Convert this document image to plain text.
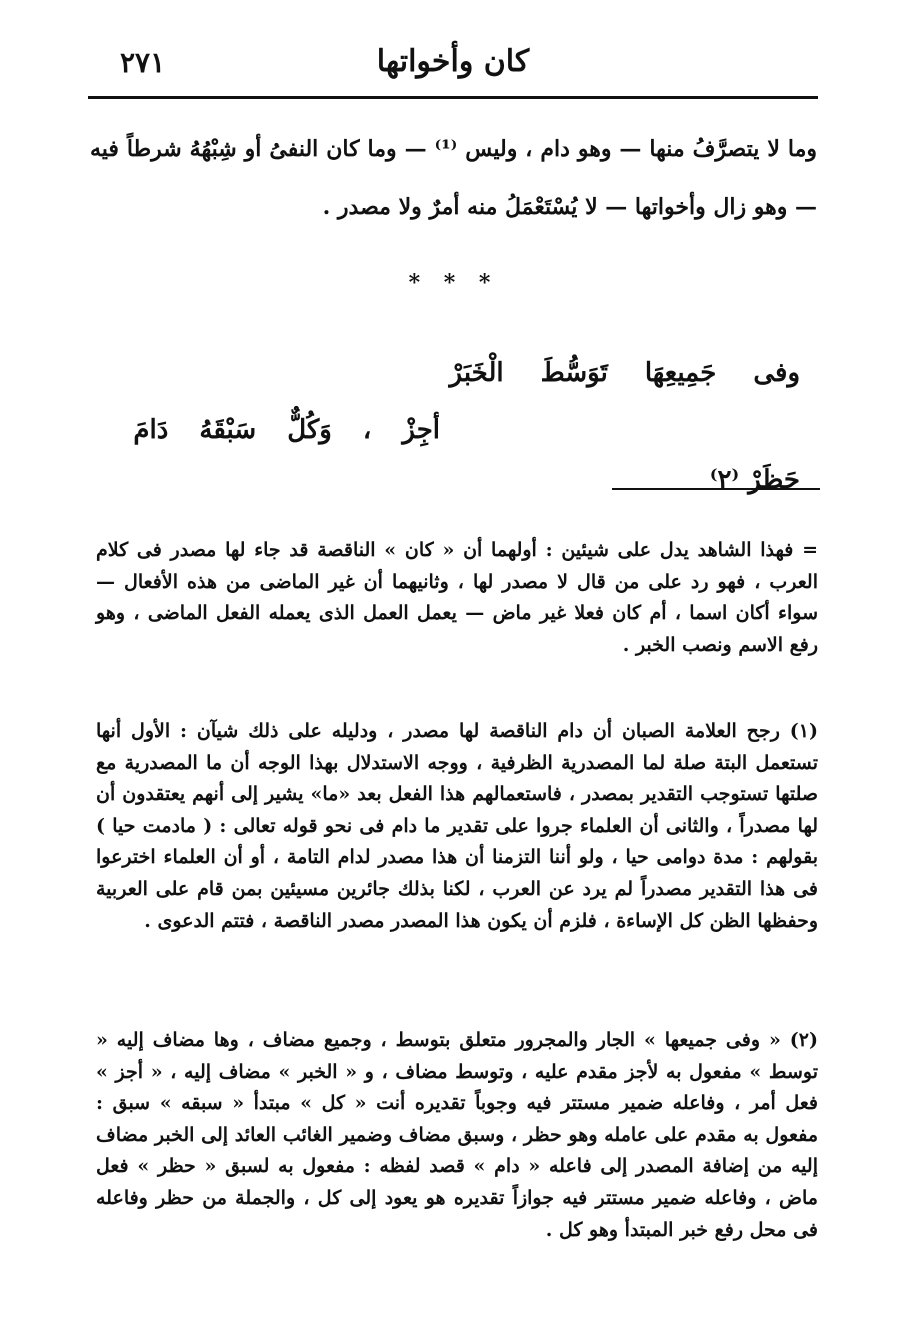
كان وأخواتها
٢٧١
وما لا يتصرَّفُ منها — وهو دام ، وليس ⁽¹⁾ — وما كان النفىُ أو شِبْهُهُ شرطاً فيه — وهو زال وأخواتها — لا يُسْتَعْمَلُ منه أمرٌ ولا مصدر .
* * *
وفى جَمِيعِهَا تَوَسُّطَ الْخَبَرْ
أجِزْ ، وَكُلٌّ سَبْقَهُ دَامَ حَظَرْ ⁽٢⁾
= فهذا الشاهد يدل على شيئين : أولهما أن « كان » الناقصة قد جاء لها مصدر فى كلام العرب ، فهو رد على من قال لا مصدر لها ، وثانيهما أن غير الماضى من هذه الأفعال — سواء أكان اسما ، أم كان فعلا غير ماض — يعمل العمل الذى يعمله الفعل الماضى ، وهو رفع الاسم ونصب الخبر .
(١) رجح العلامة الصبان أن دام الناقصة لها مصدر ، ودليله على ذلك شيآن : الأول أنها تستعمل البتة صلة لما المصدرية الظرفية ، ووجه الاستدلال بهذا الوجه أن ما المصدرية مع صلتها تستوجب التقدير بمصدر ، فاستعمالهم هذا الفعل بعد «ما» يشير إلى أنهم يعتقدون أن لها مصدراً ، والثانى أن العلماء جروا على تقدير ما دام فى نحو قوله تعالى : ( مادمت حيا ) بقولهم : مدة دوامى حيا ، ولو أننا التزمنا أن هذا مصدر لدام التامة ، أو أن العلماء اخترعوا فى هذا التقدير مصدراً لم يرد عن العرب ، لكنا بذلك جائرين مسيئين بمن قام على العربية وحفظها الظن كل الإساءة ، فلزم أن يكون هذا المصدر مصدر الناقصة ، فتتم الدعوى .
(٢) « وفى جميعها » الجار والمجرور متعلق بتوسط ، وجميع مضاف ، وها مضاف إليه « توسط » مفعول به لأجز مقدم عليه ، وتوسط مضاف ، و « الخبر » مضاف إليه ، « أجز » فعل أمر ، وفاعله ضمير مستتر فيه وجوباً تقديره أنت « كل » مبتدأ « سبقه » سبق : مفعول به مقدم على عامله وهو حظر ، وسبق مضاف وضمير الغائب العائد إلى الخبر مضاف إليه من إضافة المصدر إلى فاعله « دام » قصد لفظه : مفعول به لسبق « حظر » فعل ماض ، وفاعله ضمير مستتر فيه جوازاً تقديره هو يعود إلى كل ، والجملة من حظر وفاعله فى محل رفع خبر المبتدأ وهو كل .
